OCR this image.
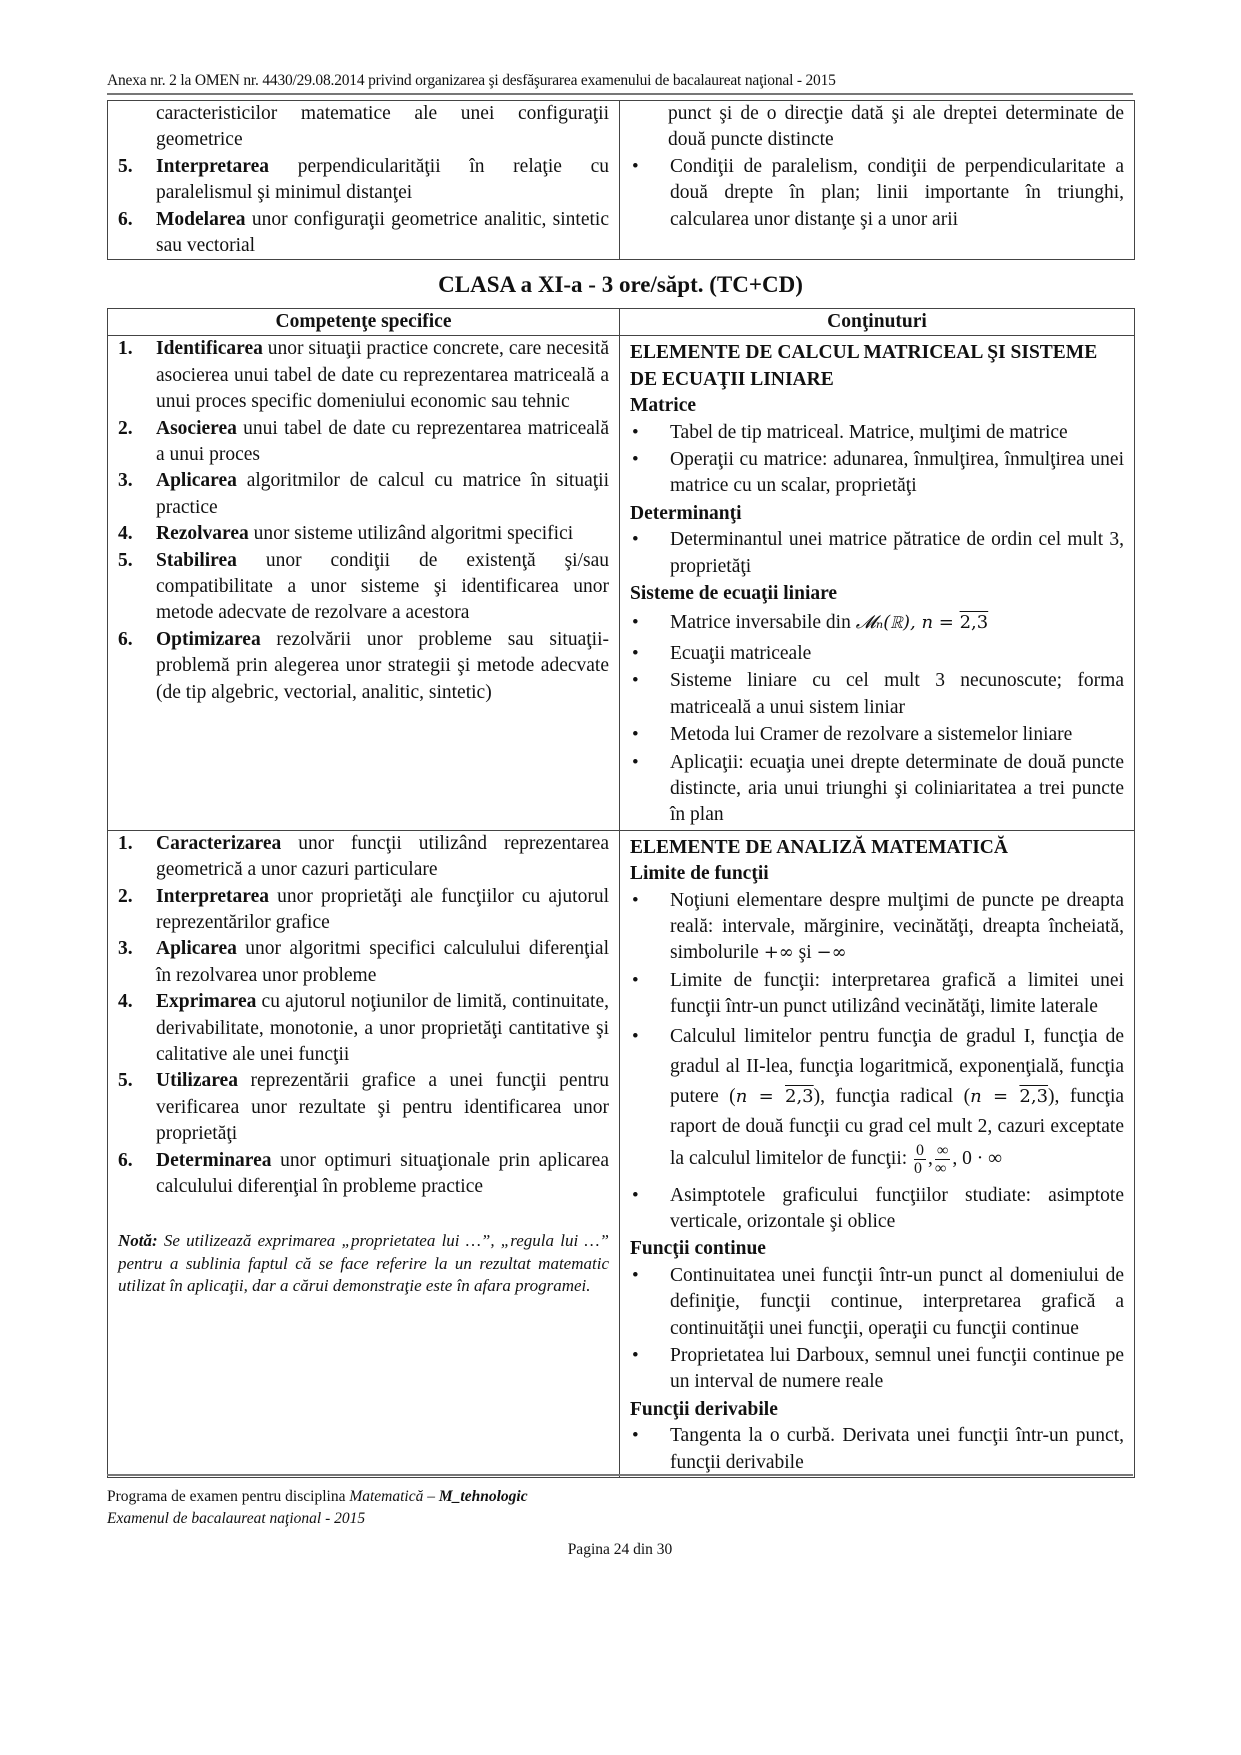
Anexa nr. 2 la OMEN nr. 4430/29.08.2014 privind organizarea şi desfăşurarea examenului de bacalaureat naţional - 2015
caracteristicilor matematice ale unei configuraţii geometrice
5.	Interpretarea perpendicularităţii în relaţie cu paralelismul şi minimul distanţei
6.	Modelarea unor configuraţii geometrice analitic, sintetic sau vectorial

punct şi de o direcţie dată şi ale dreptei determinate de două puncte distincte
•	Condiţii de paralelism, condiţii de perpendicularitate a două drepte în plan; linii importante în triunghi, calcularea unor distanţe şi a unor arii
CLASA a XI-a - 3 ore/săpt. (TC+CD)
Competenţe specifice	Conţinuturi

1.	Identificarea unor situaţii practice concrete, care necesită asocierea unui tabel de date cu reprezentarea matriceală a unui proces specific domeniului economic sau tehnic
2.	Asocierea unui tabel de date cu reprezentarea matriceală a unui proces
3.	Aplicarea algoritmilor de calcul cu matrice în situaţii practice
4.	Rezolvarea unor sisteme utilizând algoritmi specifici
5.	Stabilirea unor condiţii de existenţă şi/sau compatibilitate a unor sisteme şi identificarea unor metode adecvate de rezolvare a acestora
6.	Optimizarea rezolvării unor probleme sau situaţii-problemă prin alegerea unor strategii şi metode adecvate (de tip algebric, vectorial, analitic, sintetic)

ELEMENTE DE CALCUL MATRICEAL ŞI SISTEME DE ECUAŢII LINIARE
Matrice
•	Tabel de tip matriceal. Matrice, mulţimi de matrice
•	Operaţii cu matrice: adunarea, înmulţirea, înmulţirea unei matrice cu un scalar, proprietăţi
Determinanţi
•	Determinantul unei matrice pătratice de ordin cel mult 3, proprietăţi
Sisteme de ecuaţii liniare
•	Matrice inversabile din 𝓜ₙ(ℝ), n = 2,3
•	Ecuaţii matriceale
•	Sisteme liniare cu cel mult 3 necunoscute; forma matriceală a unui sistem liniar
•	Metoda lui Cramer de rezolvare a sistemelor liniare
•	Aplicaţii: ecuaţia unei drepte determinate de două puncte distincte, aria unui triunghi şi coliniaritatea a trei puncte în plan

1.	Caracterizarea unor funcţii utilizând reprezentarea geometrică a unor cazuri particulare
2.	Interpretarea unor proprietăţi ale funcţiilor cu ajutorul reprezentărilor grafice
3.	Aplicarea unor algoritmi specifici calculului diferenţial în rezolvarea unor probleme
4.	Exprimarea cu ajutorul noţiunilor de limită, continuitate, derivabilitate, monotonie, a unor proprietăţi cantitative şi calitative ale unei funcţii
5.	Utilizarea reprezentării grafice a unei funcţii pentru verificarea unor rezultate şi pentru identificarea unor proprietăţi
6.	Determinarea unor optimuri situaţionale prin aplicarea calculului diferenţial în probleme practice
Notă: Se utilizează exprimarea „proprietatea lui …”, „regula lui …” pentru a sublinia faptul că se face referire la un rezultat matematic utilizat în aplicaţii, dar a cărui demonstraţie este în afara programei.

ELEMENTE DE ANALIZĂ MATEMATICĂ
Limite de funcţii
•	Noţiuni elementare despre mulţimi de puncte pe dreapta reală: intervale, mărginire, vecinătăţi, dreapta încheiată, simbolurile +∞ şi −∞
•	Limite de funcţii: interpretarea grafică a limitei unei funcţii într-un punct utilizând vecinătăţi, limite laterale
•	Calculul limitelor pentru funcţia de gradul I, funcţia de gradul al II-lea, funcţia logaritmică, exponenţială, funcţia putere (n = 2,3), funcţia radical (n = 2,3), funcţia raport de două funcţii cu grad cel mult 2, cazuri exceptate la calculul limitelor de funcţii: $\frac{0}{0}$ , $\frac{\infty}{\infty}$ , 0 · ∞
•	Asimptotele graficului funcţiilor studiate: asimptote verticale, orizontale şi oblice
Funcţii continue
•	Continuitatea unei funcţii într-un punct al domeniului de definiţie, funcţii continue, interpretarea grafică a continuităţii unei funcţii, operaţii cu funcţii continue
•	Proprietatea lui Darboux, semnul unei funcţii continue pe un interval de numere reale
Funcţii derivabile
•	Tangenta la o curbă. Derivata unei funcţii într-un punct, funcţii derivabile
Programa de examen pentru disciplina Matematică – M_tehnologic
Examenul de bacalaureat naţional - 2015
Pagina 24 din 30
